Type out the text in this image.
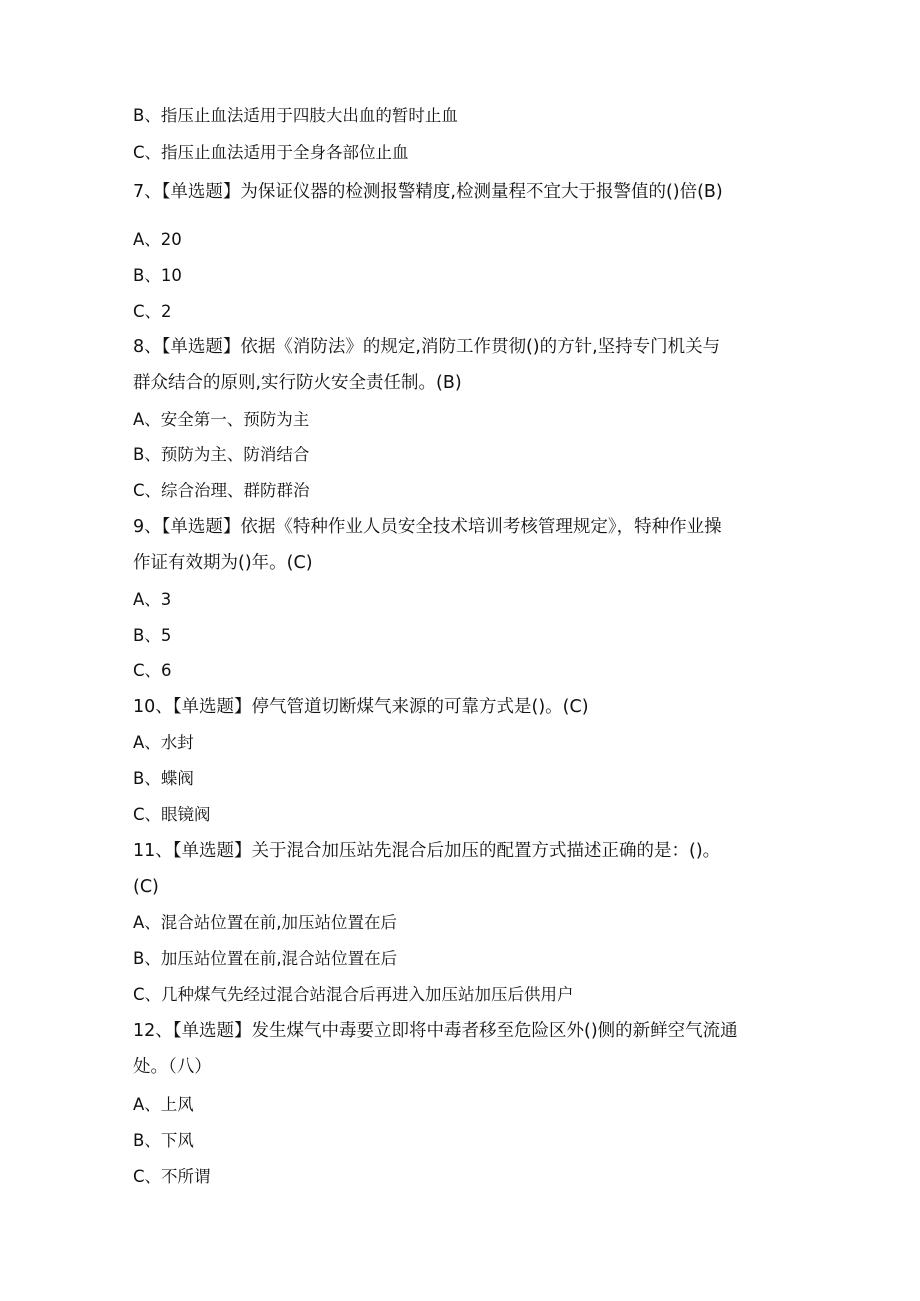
B、指压止血法适用于四肢大出血的暂时止血
C、指压止血法适用于全身各部位止血
7、【单选题】为保证仪器的检测报警精度,检测量程不宜大于报警值的()倍(B)
A、20
B、10
C、2
8、【单选题】依据《消防法》的规定,消防工作贯彻()的方针,坚持专门机关与
群众结合的原则,实行防火安全责任制。(B)
A、安全第一、预防为主
B、预防为主、防消结合
C、综合治理、群防群治
9、【单选题】依据《特种作业人员安全技术培训考核管理规定》，特种作业操
作证有效期为()年。(C)
A、3
B、5
C、6
10、【单选题】停气管道切断煤气来源的可靠方式是()。(C)
A、水封
B、蝶阀
C、眼镜阀
11、【单选题】关于混合加压站先混合后加压的配置方式描述正确的是：()。
(C)
A、混合站位置在前,加压站位置在后
B、加压站位置在前,混合站位置在后
C、几种煤气先经过混合站混合后再进入加压站加压后供用户
12、【单选题】发生煤气中毒要立即将中毒者移至危险区外()侧的新鲜空气流通
处。（八）
A、上风
B、下风
C、不所谓
